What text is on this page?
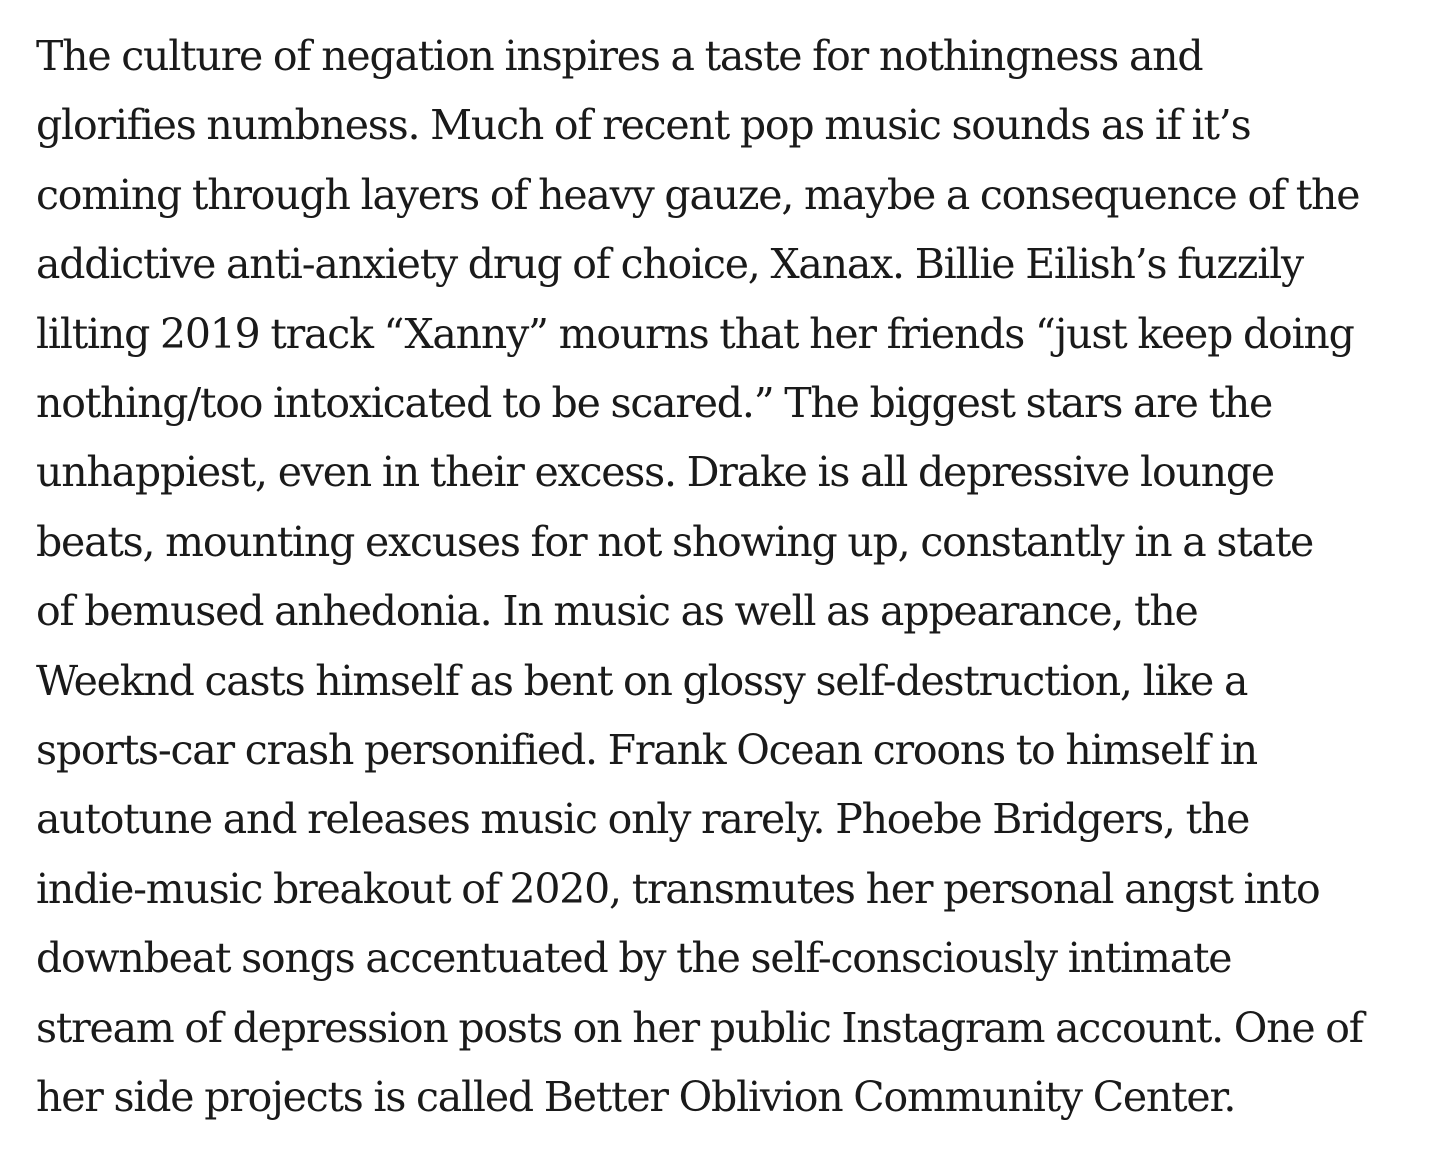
The culture of negation inspires a taste for nothingness and
glorifies numbness. Much of recent pop music sounds as if it’s
coming through layers of heavy gauze, maybe a consequence of the
addictive anti-anxiety drug of choice, Xanax. Billie Eilish’s fuzzily
lilting 2019 track “Xanny” mourns that her friends “just keep doing
nothing/too intoxicated to be scared.” The biggest stars are the
unhappiest, even in their excess. Drake is all depressive lounge
beats, mounting excuses for not showing up, constantly in a state
of bemused anhedonia. In music as well as appearance, the
Weeknd casts himself as bent on glossy self-destruction, like a
sports-car crash personified. Frank Ocean croons to himself in
autotune and releases music only rarely. Phoebe Bridgers, the
indie-music breakout of 2020, transmutes her personal angst into
downbeat songs accentuated by the self-consciously intimate
stream of depression posts on her public Instagram account. One of
her side projects is called Better Oblivion Community Center.
